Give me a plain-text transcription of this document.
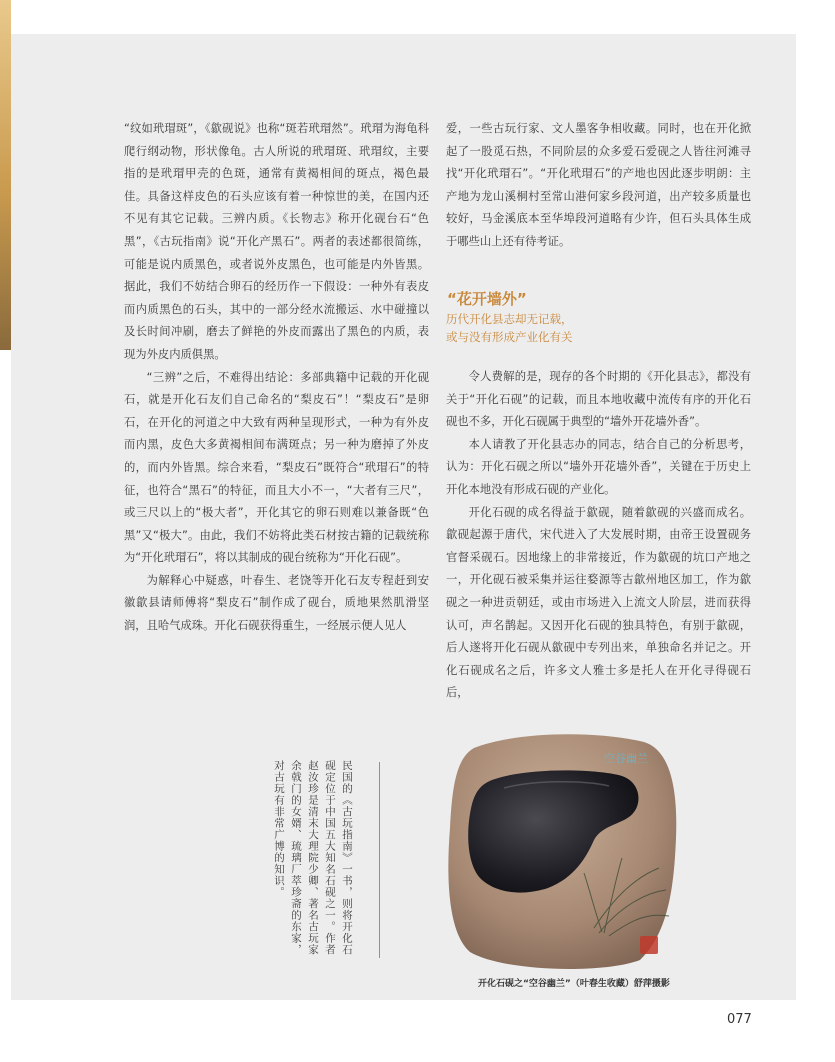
“纹如玳瑁斑”，《歙砚说》也称“斑若玳瑁然”。玳瑁为海龟科爬行纲动物，形状像龟。古人所说的玳瑁斑、玳瑁纹，主要指的是玳瑁甲壳的色斑，通常有黄褐相间的斑点，褐色最佳。具备这样皮色的石头应该有着一种惊世的美，在国内还不见有其它记载。三辨内质。《长物志》称开化砚台石“色黑”，《古玩指南》说“开化产黑石”。两者的表述都很简练，可能是说内质黑色，或者说外皮黑色，也可能是内外皆黑。据此，我们不妨结合卵石的经历作一下假设：一种外有表皮而内质黑色的石头，其中的一部分经水流搬运、水中碰撞以及长时间冲刷，磨去了鲜艳的外皮而露出了黑色的内质，表现为外皮内质俱黑。

“三辨”之后，不难得出结论：多部典籍中记载的开化砚石，就是开化石友们自己命名的“梨皮石”！“梨皮石”是卵石，在开化的河道之中大致有两种呈现形式，一种为有外皮而内黑，皮色大多黄褐相间布满斑点；另一种为磨掉了外皮的，而内外皆黑。综合来看，“梨皮石”既符合“玳瑁石”的特征，也符合“黑石”的特征，而且大小不一，“大者有三尺”，或三尺以上的“极大者”，开化其它的卵石则难以兼备既“色黑”又“极大”。由此，我们不妨将此类石材按古籍的记载统称为“开化玳瑁石”，将以其制成的砚台统称为“开化石砚”。

为解释心中疑惑，叶春生、老饶等开化石友专程赶到安徽歙县请师傅将“梨皮石”制作成了砚台，质地果然肌滑坚润，且哈气成珠。开化石砚获得重生，一经展示便人见人

爱，一些古玩行家、文人墨客争相收藏。同时，也在开化掀起了一股觅石热，不同阶层的众多爱石爱砚之人皆往河滩寻找“开化玳瑁石”。“开化玳瑁石”的产地也因此逐步明朗：主产地为龙山溪桐村至常山港何家乡段河道，出产较多质量也较好，马金溪底本至华埠段河道略有少许，但石头具体生成于哪些山上还有待考证。

“花开墙外”
历代开化县志却无记载，
或与没有形成产业化有关

令人费解的是，现存的各个时期的《开化县志》，都没有关于“开化石砚”的记载，而且本地收藏中流传有序的开化石砚也不多，开化石砚属于典型的“墙外开花墙外香”。

本人请教了开化县志办的同志，结合自己的分析思考，认为：开化石砚之所以“墙外开花墙外香”，关键在于历史上开化本地没有形成石砚的产业化。

开化石砚的成名得益于歙砚，随着歙砚的兴盛而成名。歙砚起源于唐代，宋代进入了大发展时期，由帝王设置砚务官督采砚石。因地缘上的非常接近，作为歙砚的坑口产地之一，开化砚石被采集并运往婺源等古歙州地区加工，作为歙砚之一种进贡朝廷，或由市场进入上流文人阶层，进而获得认可，声名鹊起。又因开化石砚的独具特色，有别于歙砚，后人遂将开化石砚从歙砚中专列出来，单独命名并记之。开化石砚成名之后，许多文人雅士多是托人在开化寻得砚石后，

民国的《古玩指南》一书，则将开化石砚定位于中国五大知名石砚之一。作者赵汝珍是清末大理院少卿、著名古玩家余戟门的女婿、琉璃厂萃珍斋的东家，对古玩有非常广博的知识。
空谷幽兰
开化石砚之“空谷幽兰”（叶春生收藏）舒萍摄影
077
